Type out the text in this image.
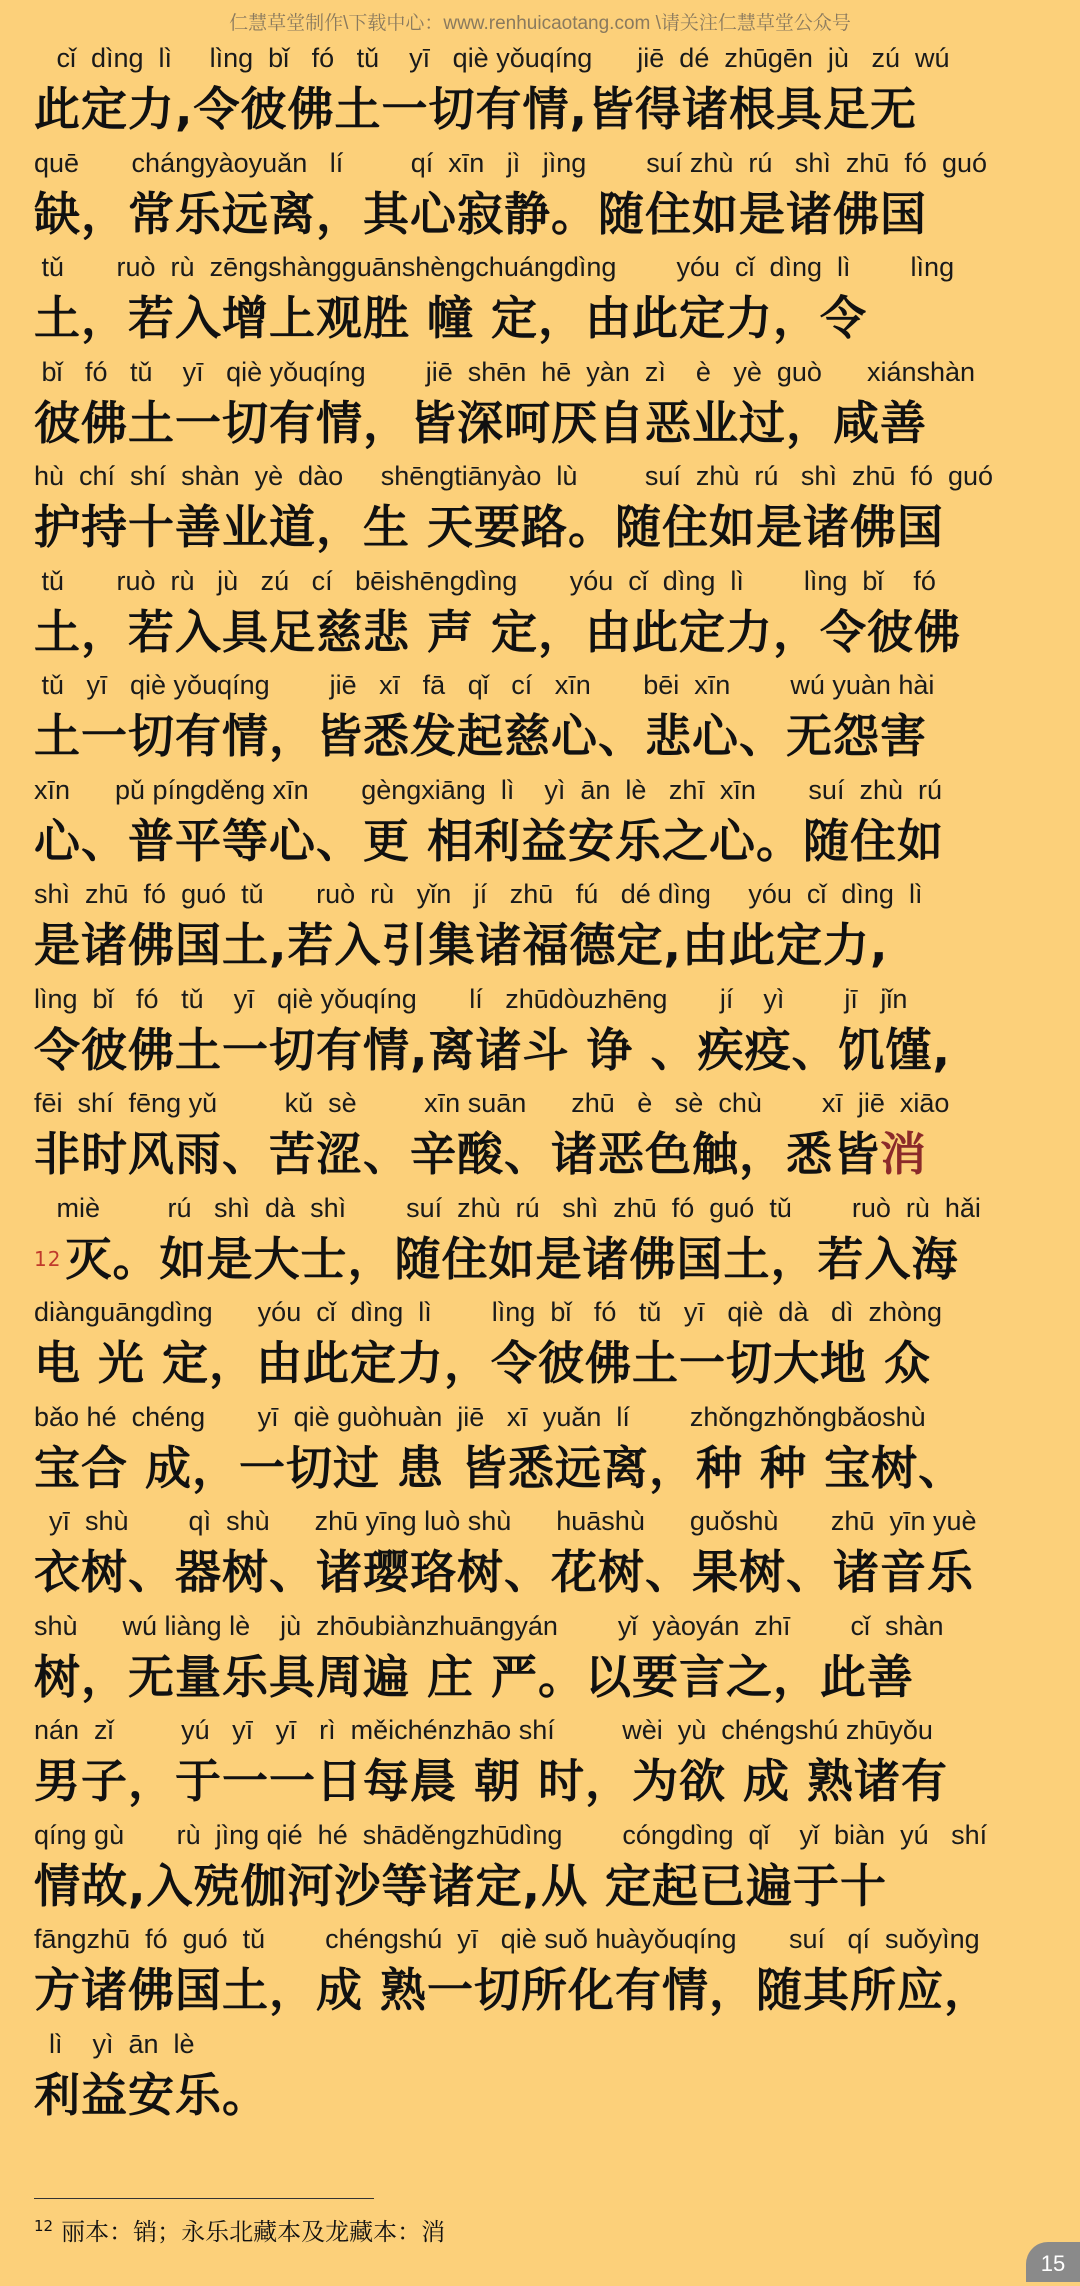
仁慧草堂制作\下载中心：www.renhuicaotang.com \请关注仁慧草堂公众号
cǐ  dìng  lì     lìng  bǐ   fó   tǔ    yī   qiè yǒuqíng      jiē  dé  zhūgēn  jù   zú  wú
此定力,令彼佛土一切有情,皆得诸根具足无
quē       chángyàoyuǎn   lí         qí  xīn   jì   jìng        suí zhù  rú   shì  zhū  fó  guó
缺，常乐远离，其心寂静。随住如是诸佛国
tǔ       ruò  rù  zēngshàngguānshèngchuángdìng        yóu  cǐ  dìng  lì        lìng
土，若入增上观胜 幢 定，由此定力，令
bǐ   fó   tǔ    yī   qiè yǒuqíng        jiē  shēn  hē  yàn  zì    è   yè  guò      xiánshàn
彼佛土一切有情，皆深呵厌自恶业过，咸善
hù  chí  shí  shàn  yè  dào     shēngtiānyào  lù         suí  zhù  rú   shì  zhū  fó  guó
护持十善业道，生 天要路。随住如是诸佛国
tǔ       ruò  rù   jù   zú   cí   bēishēngdìng       yóu  cǐ  dìng  lì        lìng  bǐ    fó
土，若入具足慈悲 声 定，由此定力，令彼佛
tǔ   yī   qiè yǒuqíng        jiē   xī   fā   qǐ   cí   xīn       bēi  xīn        wú yuàn hài
土一切有情，皆悉发起慈心、悲心、无怨害
xīn      pǔ píngděng xīn       gèngxiāng  lì    yì  ān  lè   zhī  xīn       suí  zhù  rú
心、普平等心、更 相利益安乐之心。随住如
shì  zhū  fó  guó  tǔ       ruò  rù   yǐn   jí   zhū   fú   dé dìng     yóu  cǐ  dìng  lì
是诸佛国土,若入引集诸福德定,由此定力,
lìng  bǐ   fó   tǔ    yī   qiè yǒuqíng       lí   zhūdòuzhēng       jí    yì        jī   jǐn
令彼佛土一切有情,离诸斗 诤 、疾疫、饥馑,
fēi  shí  fēng yǔ         kǔ  sè         xīn suān      zhū   è   sè  chù        xī  jiē  xiāo
非时风雨、苦涩、辛酸、诸恶色触，悉皆消
miè         rú   shì  dà  shì        suí  zhù  rú   shì  zhū  fó  guó  tǔ        ruò  rù  hǎi
$^{12}$灭。如是大士，随住如是诸佛国土，若入海
diànguāngdìng      yóu  cǐ  dìng  lì        lìng  bǐ   fó   tǔ   yī   qiè  dà   dì  zhòng
电 光 定，由此定力，令彼佛土一切大地 众
bǎo hé  chéng       yī  qiè guòhuàn  jiē   xī  yuǎn  lí        zhǒngzhǒngbǎoshù
宝合 成，一切过 患 皆悉远离，种 种 宝树、
yī  shù        qì  shù      zhū yīng luò shù      huāshù      guǒshù       zhū  yīn yuè
衣树、器树、诸璎珞树、花树、果树、诸音乐
shù      wú liàng lè    jù  zhōubiànzhuāngyán        yǐ  yàoyán  zhī        cǐ  shàn
树，无量乐具周遍 庄 严。以要言之，此善
nán  zǐ         yú   yī   yī   rì  měichénzhāo shí         wèi  yù  chéngshú zhūyǒu
男子，于一一日每晨 朝 时，为欲 成 熟诸有
qíng gù       rù  jìng qié  hé  shāděngzhūdìng        cóngdìng  qǐ    yǐ  biàn  yú   shí
情故,入殑伽河沙等诸定,从 定起已遍于十
fāngzhū  fó  guó  tǔ        chéngshú  yī   qiè suǒ huàyǒuqíng       suí   qí  suǒyìng
方诸佛国土，成 熟一切所化有情，随其所应，
lì    yì  ān  lè
利益安乐。
$^{12}$ 丽本：销；永乐北藏本及龙藏本：消
15
